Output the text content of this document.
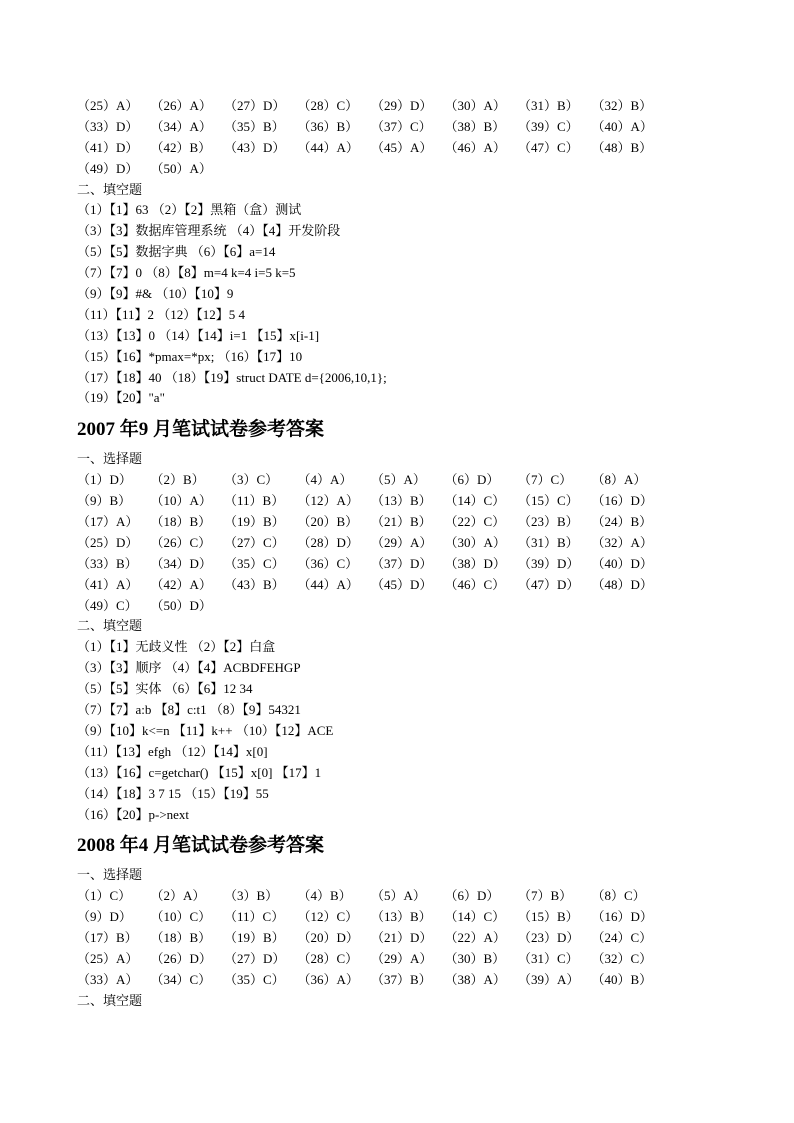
（25）A） （26）A） （27）D） （28）C） （29）D） （30）A） （31）B） （32）B）
（33）D） （34）A） （35）B） （36）B） （37）C） （38）B） （39）C） （40）A）
（41）D） （42）B） （43）D） （44）A） （45）A） （46）A） （47）C） （48）B）
（49）D） （50）A）
二、填空题
（1）【1】63 （2）【2】黑箱（盒）测试
（3）【3】数据库管理系统 （4）【4】开发阶段
（5）【5】数据字典 （6）【6】a=14
（7）【7】0 （8）【8】m=4 k=4 i=5 k=5
（9）【9】#& （10）【10】9
（11）【11】2 （12）【12】5 4
（13）【13】0 （14）【14】i=1 【15】x[i-1]
（15）【16】*pmax=*px; （16）【17】10
（17）【18】40 （18）【19】struct DATE d={2006,10,1};
（19）【20】"a"
2007 年9 月笔试试卷参考答案
一、选择题
（1）D）	（2）B）	（3）C）	（4）A）	（5）A）	（6）D）	（7）C）	（8）A）
（9）B）	（10）A） （11）B）	（12）A） （13）B） （14）C） （15）C） （16）D）
（17）A） （18）B） （19）B） （20）B） （21）B） （22）C） （23）B） （24）B）
（25）D） （26）C） （27）C） （28）D） （29）A） （30）A） （31）B） （32）A）
（33）B） （34）D） （35）C） （36）C） （37）D） （38）D） （39）D） （40）D）
（41）A） （42）A） （43）B） （44）A） （45）D） （46）C） （47）D） （48）D）
（49）C） （50）D）
二、填空题
（1）【1】无歧义性 （2）【2】白盒
（3）【3】顺序 （4）【4】ACBDFEHGP
（5）【5】实体 （6）【6】12 34
（7）【7】a:b 【8】c:t1 （8）【9】54321
（9）【10】k<=n 【11】k++ （10）【12】ACE
（11）【13】efgh （12）【14】x[0]
（13）【16】c=getchar() 【15】x[0] 【17】1
（14）【18】3 7 15 （15）【19】55
（16）【20】p->next
2008 年4 月笔试试卷参考答案
一、选择题
（1）C）	（2）A）	（3）B）	（4）B）	（5）A）	（6）D）	（7）B）	（8）C）
（9）D）	（10）C） （11）C）	（12）C） （13）B） （14）C） （15）B） （16）D）
（17）B） （18）B） （19）B） （20）D） （21）D） （22）A） （23）D） （24）C）
（25）A） （26）D） （27）D） （28）C） （29）A） （30）B） （31）C） （32）C）
（33）A） （34）C） （35）C） （36）A） （37）B） （38）A） （39）A） （40）B）
二、填空题
